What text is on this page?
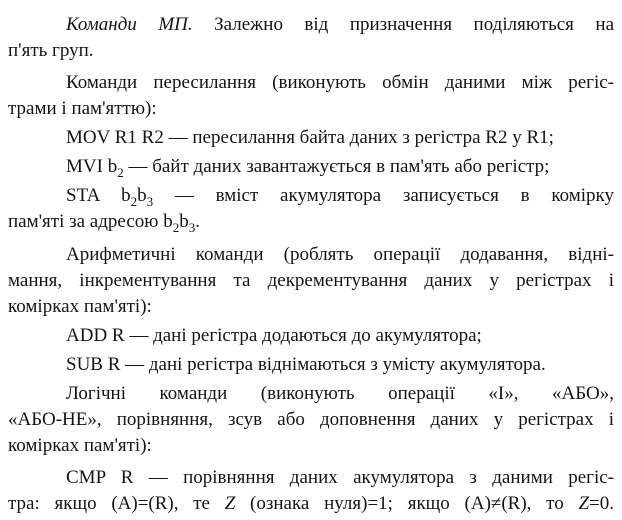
Команди МП. Залежно від призначення поділяються на
п'ять груп.
Команди пересилання (виконують обмін даними між регіс-
трами і пам'яттю):
MOV R1 R2 — пересилання байта даних з регістра R2 у R1;
MVI $b_2$ — байт даних завантажується в пам'ять або регістр;
STA $b_2b_3$ — вміст акумулятора записується в комірку
пам'яті за адресою $b_2b_3$.
Арифметичні команди (роблять операції додавання, відні-
мання, інкрементування та декрементування даних у регістрах і
комірках пам'яті):
ADD R — дані регістра додаються до акумулятора;
SUB R — дані регістра віднімаються з умісту акумулятора.
Логічні команди (виконують операції «І», «АБО»,
«АБО-НЕ», порівняння, зсув або доповнення даних у регістрах і
комірках пам'яті):
CMP R — порівняння даних акумулятора з даними регіс-
тра: якщо (А)=(R), те Z (ознака нуля)=1; якщо (А)≠(R), то Z=0.
